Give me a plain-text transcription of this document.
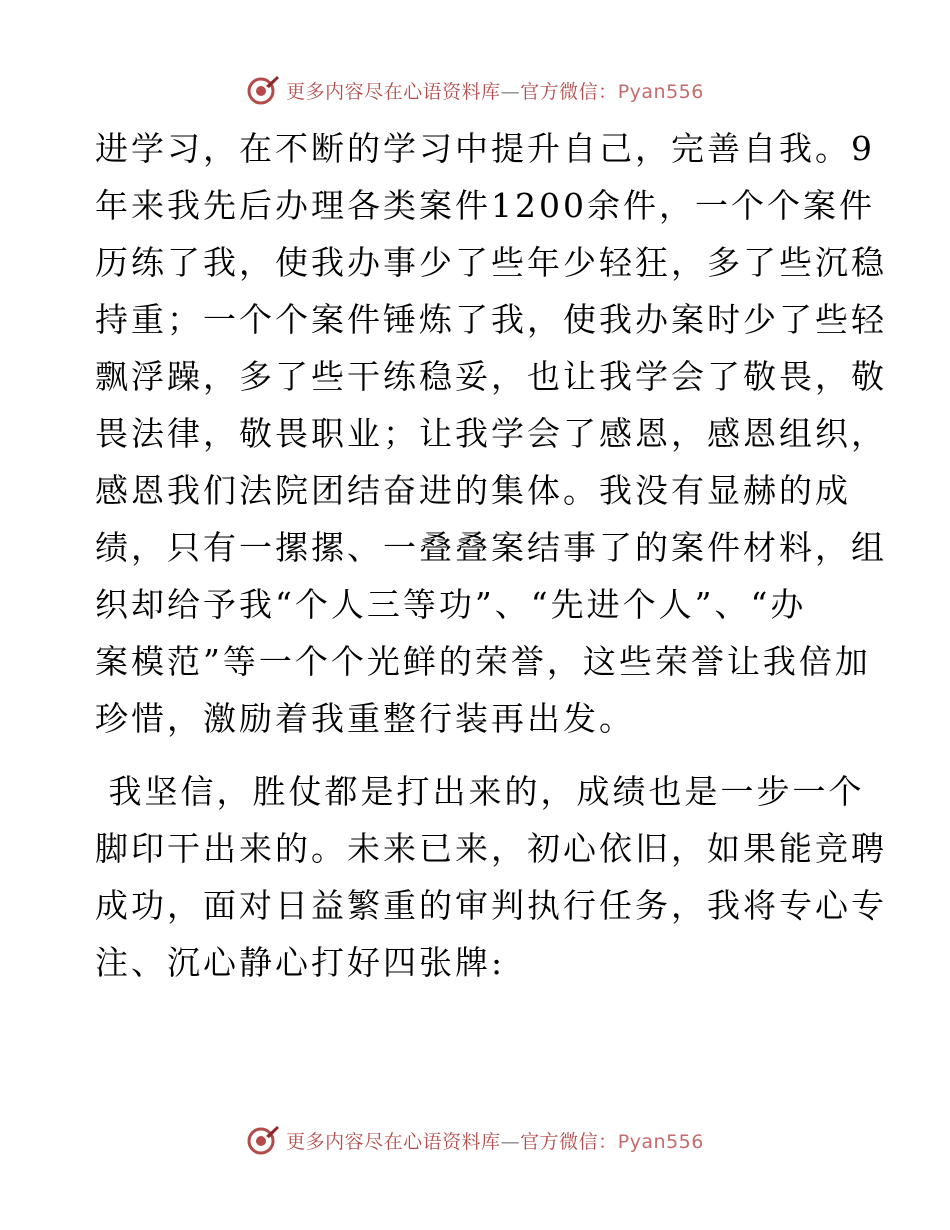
更多内容尽在心语资料库—官方微信：Pyan556

进学习，在不断的学习中提升自己，完善自我。9
年来我先后办理各类案件1200余件，一个个案件
历练了我，使我办事少了些年少轻狂，多了些沉稳
持重；一个个案件锤炼了我，使我办案时少了些轻
飘浮躁，多了些干练稳妥，也让我学会了敬畏，敬
畏法律，敬畏职业；让我学会了感恩，感恩组织，
感恩我们法院团结奋进的集体。我没有显赫的成
绩，只有一摞摞、一叠叠案结事了的案件材料，组
织却给予我“个人三等功”、“先进个人”、“办
案模范”等一个个光鲜的荣誉，这些荣誉让我倍加
珍惜，激励着我重整行装再出发。

我坚信，胜仗都是打出来的，成绩也是一步一个
脚印干出来的。未来已来，初心依旧，如果能竞聘
成功，面对日益繁重的审判执行任务，我将专心专
注、沉心静心打好四张牌:

更多内容尽在心语资料库—官方微信：Pyan556
